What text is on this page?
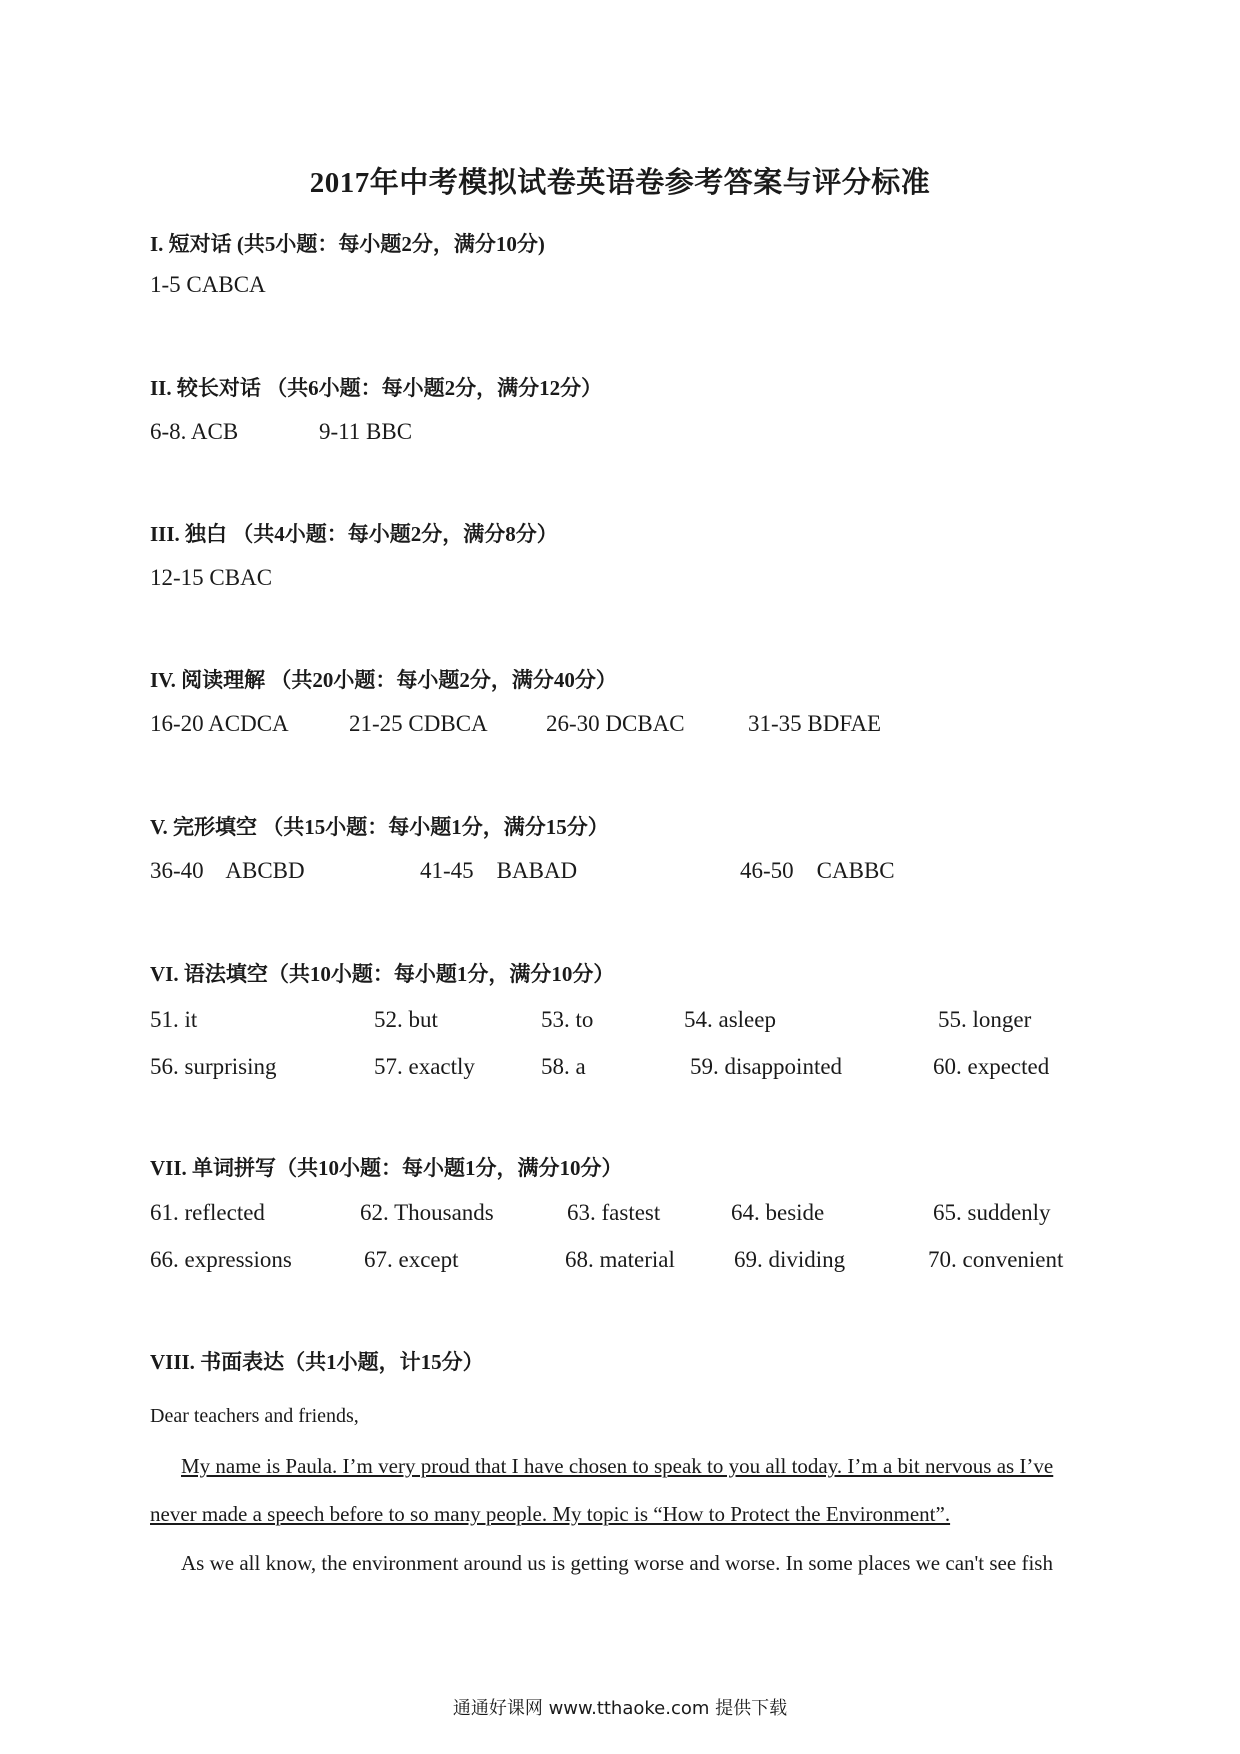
2017年中考模拟试卷英语卷参考答案与评分标准
I. 短对话 (共5小题：每小题2分，满分10分)
1-5 CABCA
II. 较长对话 （共6小题：每小题2分，满分12分）
6-8. ACB	9-11 BBC
III. 独白 （共4小题：每小题2分，满分8分）
12-15 CBAC
IV. 阅读理解 （共20小题：每小题2分，满分40分）
16-20 ACDCA	21-25 CDBCA	26-30 DCBAC	31-35 BDFAE
V. 完形填空 （共15小题：每小题1分，满分15分）
36-40    ABCBD	41-45    BABAD	46-50    CABBC
VI. 语法填空（共10小题：每小题1分，满分10分）
51. it	52. but	53. to	54. asleep	55. longer
56. surprising	57. exactly	58. a	59. disappointed	60. expected
VII. 单词拼写（共10小题：每小题1分，满分10分）
61. reflected	62. Thousands	63. fastest	64. beside	65. suddenly
66. expressions	67. except	68. material	69. dividing	70. convenient
VIII. 书面表达（共1小题，计15分）
Dear teachers and friends,
My name is Paula. I’m very proud that I have chosen to speak to you all today. I’m a bit nervous as I’ve never made a speech before to so many people. My topic is “How to Protect the Environment”.
As we all know, the environment around us is getting worse and worse. In some places we can't see fish
通通好课网 www.tthaoke.com 提供下载
